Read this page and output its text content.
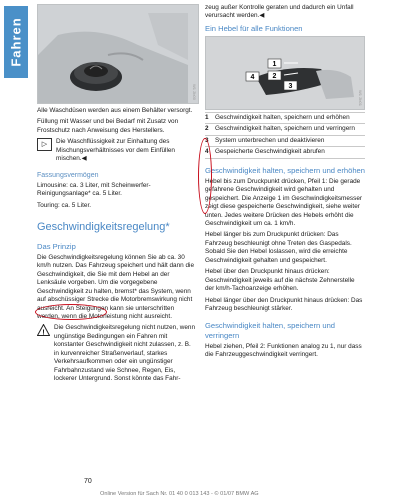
Fahren
W1 2b00

Alle Waschdüsen werden aus einem Behälter versorgt.

Füllung mit Wasser und bei Bedarf mit Zusatz von Frostschutz nach Anweisung des Herstellers.

▷	Die Waschflüssigkeit zur Einhaltung des Mischungsverhältnisses vor dem Einfüllen mischen.◀
Fassungsvermögen

Limousine: ca. 3 Liter, mit Scheinwerfer-Reinigungsanlage* ca. 5 Liter.

Touring: ca. 5 Liter.

Geschwindigkeitsregelung*
Das Prinzip

Die Geschwindigkeitsregelung können Sie ab ca. 30 km/h nutzen. Das Fahrzeug speichert und hält dann die Geschwindigkeit, die Sie mit dem Hebel an der Lenksäule vorgeben. Um die vorgegebene Geschwindigkeit zu halten, bremst* das System, wenn auf abschüssiger Strecke die Motorbremswirkung nicht ausreicht. An Steigungen kann sie unterschritten werden, wenn die Motorleistung nicht ausreicht.

!
Die Geschwindigkeitsregelung nicht nutzen, wenn ungünstige Bedingungen ein Fahren mit konstanter Geschwindigkeit nicht zulassen, z. B. in kurvenreicher Straßenverlauf, starkes Verkehrsaufkommen oder ein ungünstiger Fahrbahnzustand wie Schnee, Regen, Eis, lockerer Untergrund. Sonst könnte das Fahr-

zeug außer Kontrolle geraten und dadurch ein Unfall verursacht werden.◀

Ein Hebel für alle Funktionen
1
2
3
4
W1 2b01
1	Geschwindigkeit halten, speichern und erhöhen
2	Geschwindigkeit halten, speichern und verringern
3	System unterbrechen und deaktivieren
4	Gespeicherte Geschwindigkeit abrufen
Geschwindigkeit halten, speichern und erhöhen

Hebel bis zum Druckpunkt drücken, Pfeil 1: Die gerade gefahrene Geschwindigkeit wird gehalten und gespeichert. Die Anzeige 1 im Geschwindigkeitsmesser zeigt diese gespeicherte Geschwindigkeit, siehe weiter unten. Jedes weitere Drücken des Hebels erhöht die Geschwindigkeit um ca. 1 km/h.

Hebel länger bis zum Druckpunkt drücken: Das Fahrzeug beschleunigt ohne Treten des Gaspedals. Sobald Sie den Hebel loslassen, wird die erreichte Geschwindigkeit gehalten und gespeichert.

Hebel über den Druckpunkt hinaus drücken: Geschwindigkeit jeweils auf die nächste Zehnerstelle der km/h-Tachoanzeige erhöhen.

Hebel länger über den Druckpunkt hinaus drücken: Das Fahrzeug beschleunigt stärker.

Geschwindigkeit halten, speichern und verringern

Hebel ziehen, Pfeil 2: Funktionen analog zu 1, nur dass die Fahrzeuggeschwindigkeit verringert.

70
Online Version für Sach Nr. 01 40 0 013 143 - © 01/07 BMW AG
